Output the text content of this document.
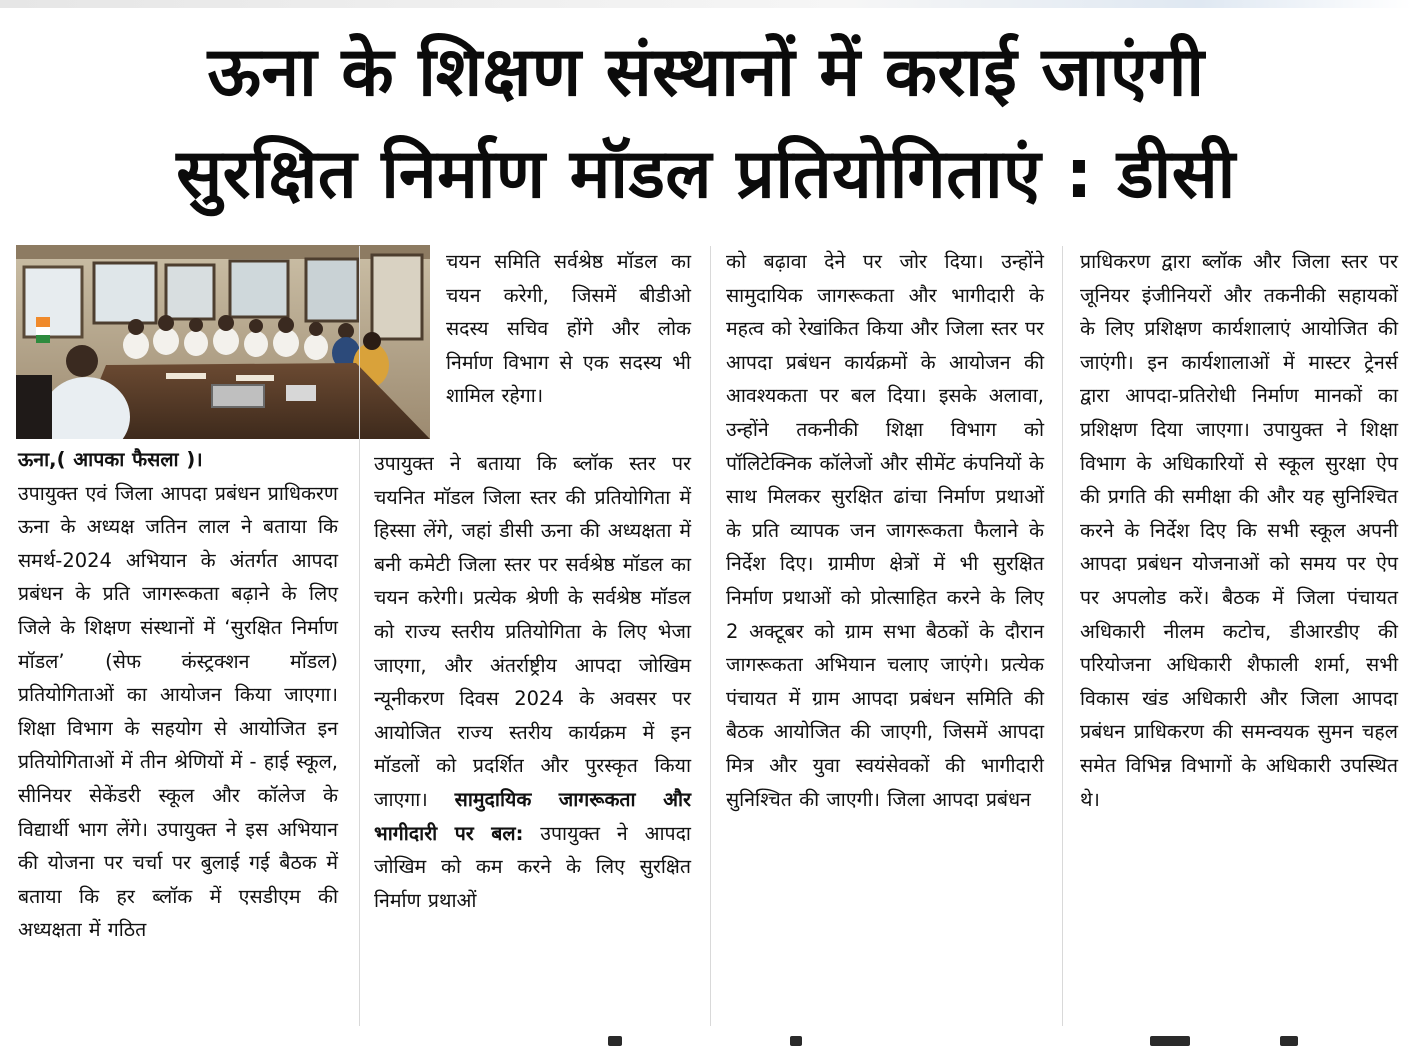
ऊना के शिक्षण संस्थानों में कराई जाएंगी
सुरक्षित निर्माण मॉडल प्रतियोगिताएं : डीसी

ऊना,( आपका फैसला )।

उपायुक्त एवं जिला आपदा प्रबंधन प्राधिकरण ऊना के अध्यक्ष जतिन लाल ने बताया कि समर्थ-2024 अभियान के अंतर्गत आपदा प्रबंधन के प्रति जागरूकता बढ़ाने के लिए जिले के शिक्षण संस्थानों में ‘सुरक्षित निर्माण मॉडल’ (सेफ कंस्ट्रक्शन मॉडल) प्रतियोगिताओं का आयोजन किया जाएगा। शिक्षा विभाग के सहयोग से आयोजित इन प्रतियोगिताओं में तीन श्रेणियों में - हाई स्कूल, सीनियर सेकेंडरी स्कूल और कॉलेज के विद्यार्थी भाग लेंगे। उपायुक्त ने इस अभियान की योजना पर चर्चा पर बुलाई गई बैठक में बताया कि हर ब्लॉक में एसडीएम की अध्यक्षता में गठित

चयन समिति सर्वश्रेष्ठ मॉडल का चयन करेगी, जिसमें बीडीओ सदस्य सचिव होंगे और लोक निर्माण विभाग से एक सदस्य भी शामिल रहेगा।

उपायुक्त ने बताया कि ब्लॉक स्तर पर चयनित मॉडल जिला स्तर की प्रतियोगिता में हिस्सा लेंगे, जहां डीसी ऊना की अध्यक्षता में बनी कमेटी जिला स्तर पर सर्वश्रेष्ठ मॉडल का चयन करेगी। प्रत्येक श्रेणी के सर्वश्रेष्ठ मॉडल को राज्य स्तरीय प्रतियोगिता के लिए भेजा जाएगा, और अंतर्राष्ट्रीय आपदा जोखिम न्यूनीकरण दिवस 2024 के अवसर पर आयोजित राज्य स्तरीय कार्यक्रम में इन मॉडलों को प्रदर्शित और पुरस्कृत किया जाएगा। सामुदायिक जागरूकता और भागीदारी पर बल: उपायुक्त ने आपदा जोखिम को कम करने के लिए सुरक्षित निर्माण प्रथाओं

को बढ़ावा देने पर जोर दिया। उन्होंने सामुदायिक जागरूकता और भागीदारी के महत्व को रेखांकित किया और जिला स्तर पर आपदा प्रबंधन कार्यक्रमों के आयोजन की आवश्यकता पर बल दिया। इसके अलावा, उन्होंने तकनीकी शिक्षा विभाग को पॉलिटेक्निक कॉलेजों और सीमेंट कंपनियों के साथ मिलकर सुरक्षित ढांचा निर्माण प्रथाओं के प्रति व्यापक जन जागरूकता फैलाने के निर्देश दिए। ग्रामीण क्षेत्रों में भी सुरक्षित निर्माण प्रथाओं को प्रोत्साहित करने के लिए 2 अक्टूबर को ग्राम सभा बैठकों के दौरान जागरूकता अभियान चलाए जाएंगे। प्रत्येक पंचायत में ग्राम आपदा प्रबंधन समिति की बैठक आयोजित की जाएगी, जिसमें आपदा मित्र और युवा स्वयंसेवकों की भागीदारी सुनिश्चित की जाएगी। जिला आपदा प्रबंधन

प्राधिकरण द्वारा ब्लॉक और जिला स्तर पर जूनियर इंजीनियरों और तकनीकी सहायकों के लिए प्रशिक्षण कार्यशालाएं आयोजित की जाएंगी। इन कार्यशालाओं में मास्टर ट्रेनर्स द्वारा आपदा-प्रतिरोधी निर्माण मानकों का प्रशिक्षण दिया जाएगा। उपायुक्त ने शिक्षा विभाग के अधिकारियों से स्कूल सुरक्षा ऐप की प्रगति की समीक्षा की और यह सुनिश्चित करने के निर्देश दिए कि सभी स्कूल अपनी आपदा प्रबंधन योजनाओं को समय पर ऐप पर अपलोड करें। बैठक में जिला पंचायत अधिकारी नीलम कटोच, डीआरडीए की परियोजना अधिकारी शैफाली शर्मा, सभी विकास खंड अधिकारी और जिला आपदा प्रबंधन प्राधिकरण की समन्वयक सुमन चहल समेत विभिन्न विभागों के अधिकारी उपस्थित थे।
